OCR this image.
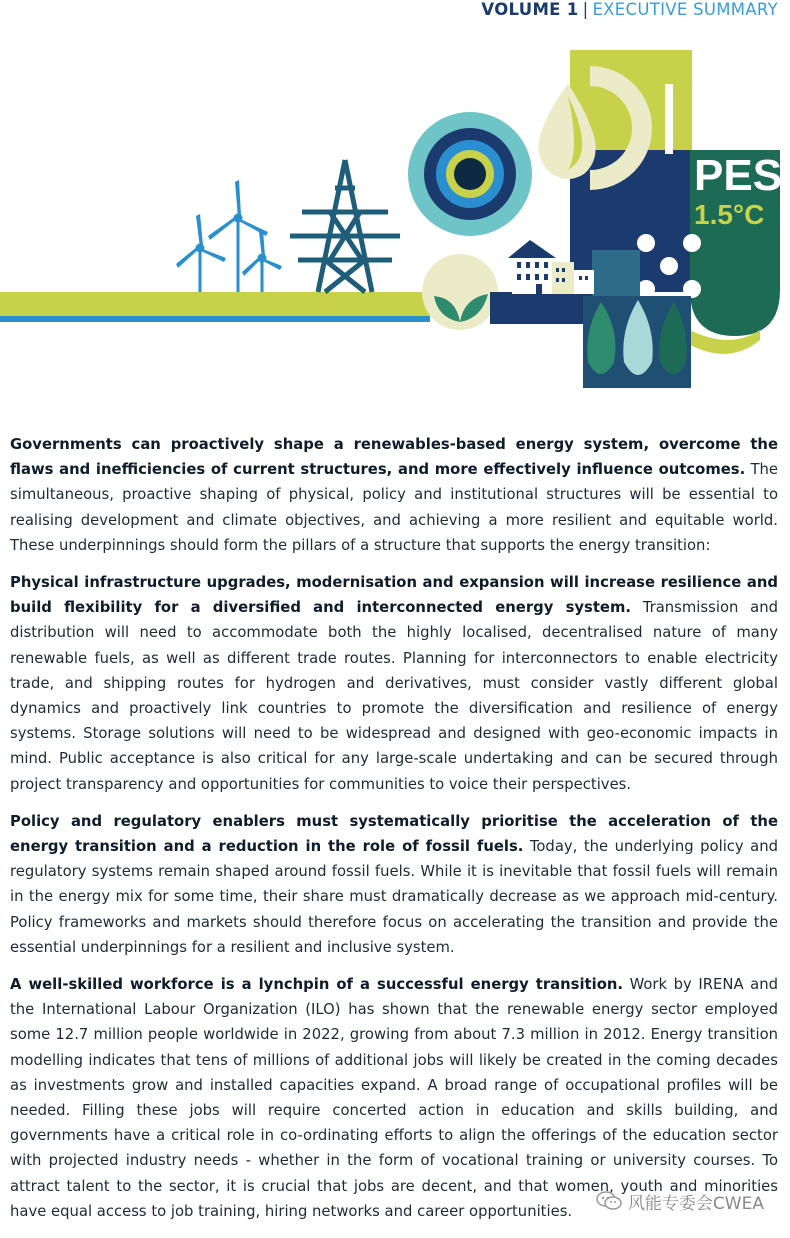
VOLUME 1 | EXECUTIVE SUMMARY
PES
1.5°C

Governments can proactively shape a renewables-based energy system, overcome the flaws and inefficiencies of current structures, and more effectively influence outcomes. The simultaneous, proactive shaping of physical, policy and institutional structures will be essential to realising development and climate objectives, and achieving a more resilient and equitable world. These underpinnings should form the pillars of a structure that supports the energy transition:

Physical infrastructure upgrades, modernisation and expansion will increase resilience and build flexibility for a diversified and interconnected energy system. Transmission and distribution will need to accommodate both the highly localised, decentralised nature of many renewable fuels, as well as different trade routes. Planning for interconnectors to enable electricity trade, and shipping routes for hydrogen and derivatives, must consider vastly different global dynamics and proactively link countries to promote the diversification and resilience of energy systems. Storage solutions will need to be widespread and designed with geo-economic impacts in mind. Public acceptance is also critical for any large-scale undertaking and can be secured through project transparency and opportunities for communities to voice their perspectives.

Policy and regulatory enablers must systematically prioritise the acceleration of the energy transition and a reduction in the role of fossil fuels. Today, the underlying policy and regulatory systems remain shaped around fossil fuels. While it is inevitable that fossil fuels will remain in the energy mix for some time, their share must dramatically decrease as we approach mid-century. Policy frameworks and markets should therefore focus on accelerating the transition and provide the essential underpinnings for a resilient and inclusive system.

A well-skilled workforce is a lynchpin of a successful energy transition. Work by IRENA and the International Labour Organization (ILO) has shown that the renewable energy sector employed some 12.7 million people worldwide in 2022, growing from about 7.3 million in 2012. Energy transition modelling indicates that tens of millions of additional jobs will likely be created in the coming decades as investments grow and installed capacities expand. A broad range of occupational profiles will be needed. Filling these jobs will require concerted action in education and skills building, and governments have a critical role in co-ordinating efforts to align the offerings of the education sector with projected industry needs - whether in the form of vocational training or university courses. To attract talent to the sector, it is crucial that jobs are decent, and that women, youth and minorities have equal access to job training, hiring networks and career opportunities.	风能专委会CWEA
